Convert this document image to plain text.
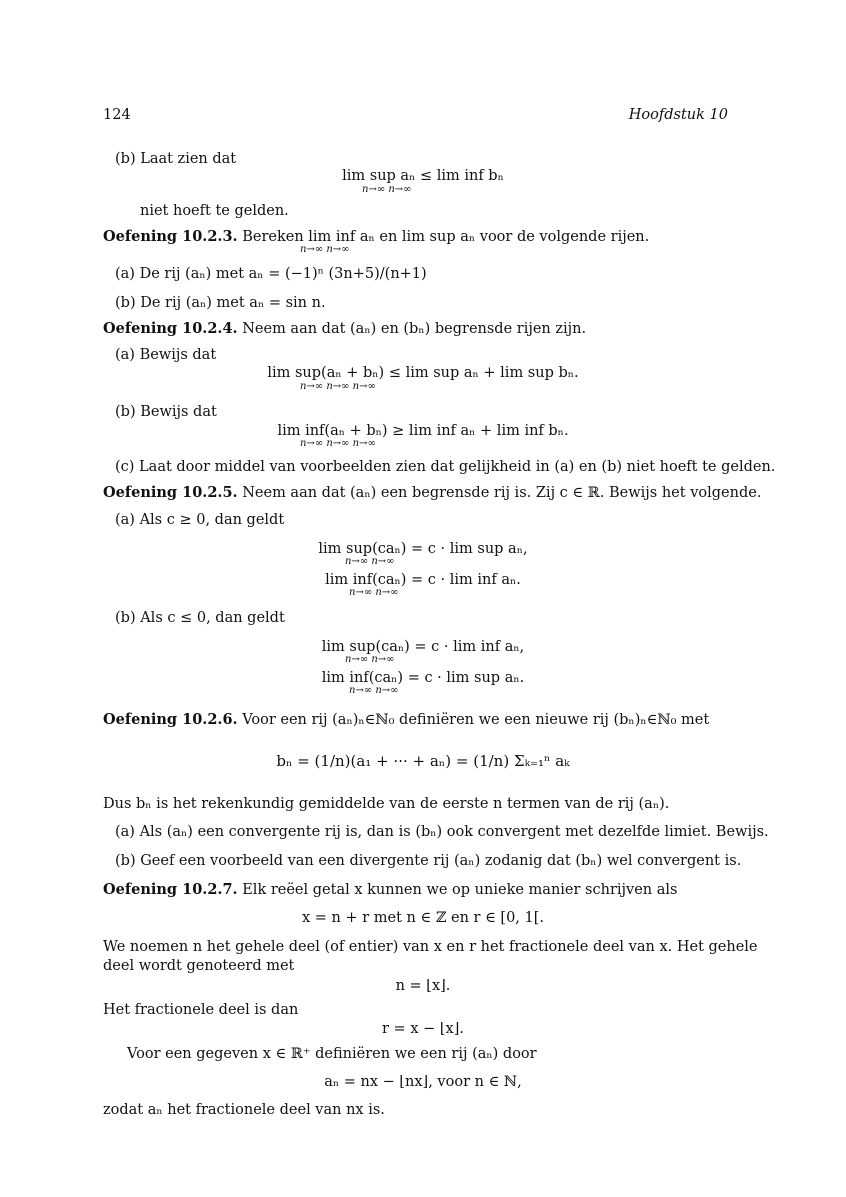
124	Hoofdstuk 10
(b) Laat zien dat
lim sup aₙ ≤ lim inf bₙ
n→∞ n→∞
niet hoeft te gelden.
Oefening 10.2.3. Bereken lim inf aₙ en lim sup aₙ voor de volgende rijen.
n→∞ n→∞
(a) De rij (aₙ) met aₙ = (−1)ⁿ (3n+5)/(n+1)
(b) De rij (aₙ) met aₙ = sin n.
Oefening 10.2.4. Neem aan dat (aₙ) en (bₙ) begrensde rijen zijn.
(a) Bewijs dat
lim sup(aₙ + bₙ) ≤ lim sup aₙ + lim sup bₙ.
n→∞ n→∞ n→∞
(b) Bewijs dat
lim inf(aₙ + bₙ) ≥ lim inf aₙ + lim inf bₙ.
n→∞ n→∞ n→∞
(c) Laat door middel van voorbeelden zien dat gelijkheid in (a) en (b) niet hoeft te gelden.
Oefening 10.2.5. Neem aan dat (aₙ) een begrensde rij is. Zij c ∈ ℝ. Bewijs het volgende.
(a) Als c ≥ 0, dan geldt
lim sup(caₙ) = c · lim sup aₙ,
n→∞ n→∞
lim inf(caₙ) = c · lim inf aₙ.
n→∞ n→∞
(b) Als c ≤ 0, dan geldt
lim sup(caₙ) = c · lim inf aₙ,
n→∞ n→∞
lim inf(caₙ) = c · lim sup aₙ.
n→∞ n→∞
Oefening 10.2.6. Voor een rij (aₙ)ₙ∈ℕ₀ definiëren we een nieuwe rij (bₙ)ₙ∈ℕ₀ met
bₙ = (1/n)(a₁ + ··· + aₙ) = (1/n) Σₖ₌₁ⁿ aₖ
Dus bₙ is het rekenkundig gemiddelde van de eerste n termen van de rij (aₙ).
(a) Als (aₙ) een convergente rij is, dan is (bₙ) ook convergent met dezelfde limiet. Bewijs.
(b) Geef een voorbeeld van een divergente rij (aₙ) zodanig dat (bₙ) wel convergent is.
Oefening 10.2.7. Elk reëel getal x kunnen we op unieke manier schrijven als
x = n + r met n ∈ ℤ en r ∈ [0, 1[.
We noemen n het gehele deel (of entier) van x en r het fractionele deel van x. Het gehele
deel wordt genoteerd met
n = ⌊x⌋.
Het fractionele deel is dan
r = x − ⌊x⌋.
Voor een gegeven x ∈ ℝ⁺ definiëren we een rij (aₙ) door
aₙ = nx − ⌊nx⌋, voor n ∈ ℕ,
zodat aₙ het fractionele deel van nx is.
